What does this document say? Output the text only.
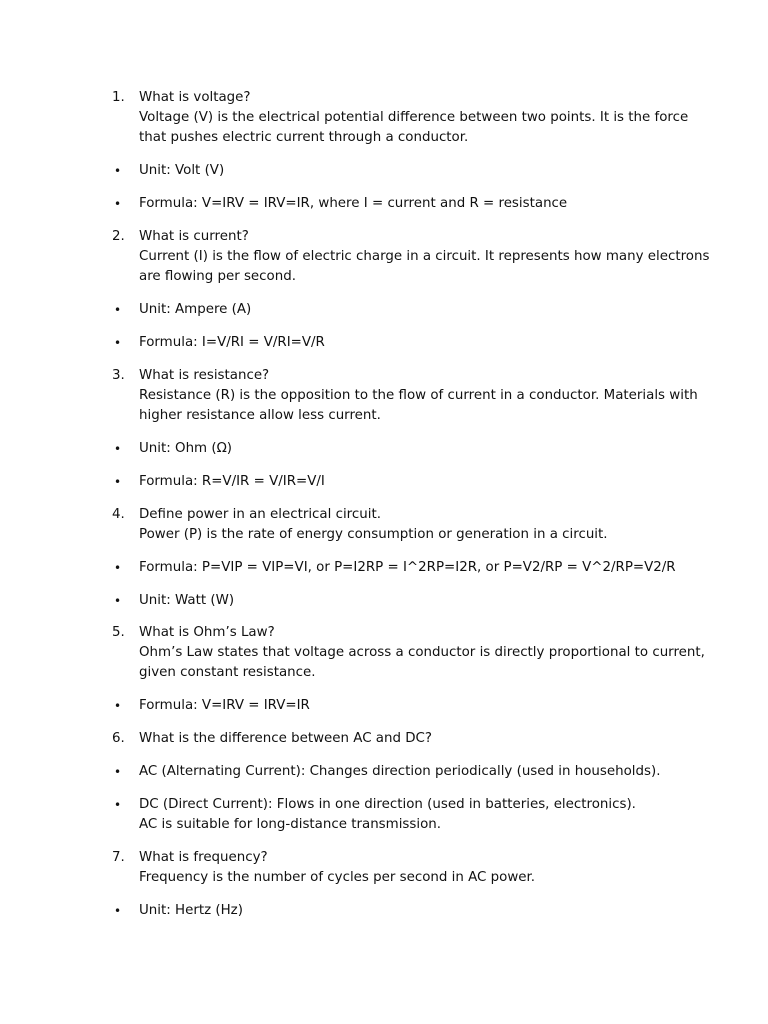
1.	What is voltage?
Voltage (V) is the electrical potential difference between two points. It is the force
that pushes electric current through a conductor.
• Unit: Volt (V)
• Formula: V=IRV = IRV=IR, where I = current and R = resistance
2.	What is current?
Current (I) is the flow of electric charge in a circuit. It represents how many electrons
are flowing per second.
• Unit: Ampere (A)
• Formula: I=V/RI = V/RI=V/R
3.	What is resistance?
Resistance (R) is the opposition to the flow of current in a conductor. Materials with
higher resistance allow less current.
• Unit: Ohm (Ω)
• Formula: R=V/IR = V/IR=V/I
4.	Define power in an electrical circuit.
Power (P) is the rate of energy consumption or generation in a circuit.
• Formula: P=VIP = VIP=VI, or P=I2RP = I^2RP=I2R, or P=V2/RP = V^2/RP=V2/R
• Unit: Watt (W)
5.	What is Ohm’s Law?
Ohm’s Law states that voltage across a conductor is directly proportional to current,
given constant resistance.
• Formula: V=IRV = IRV=IR
6.	What is the difference between AC and DC?
• AC (Alternating Current): Changes direction periodically (used in households).
• DC (Direct Current): Flows in one direction (used in batteries, electronics).
AC is suitable for long-distance transmission.
7.	What is frequency?
Frequency is the number of cycles per second in AC power.
• Unit: Hertz (Hz)
